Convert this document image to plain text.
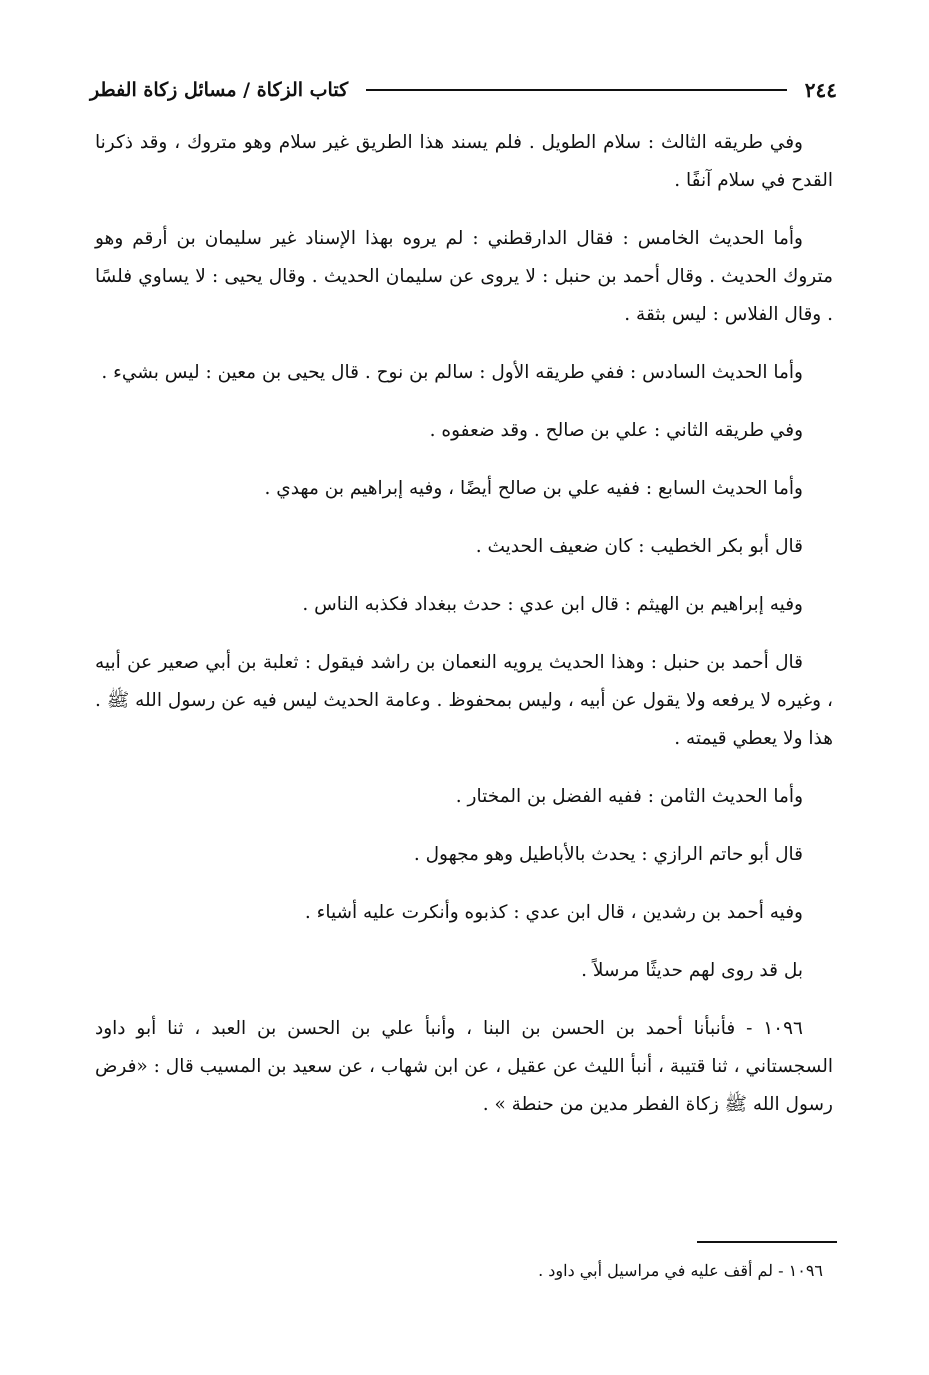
٢٤٤
كتاب الزكاة / مسائل زكاة الفطر

وفي طريقه الثالث : سلام الطويل . فلم يسند هذا الطريق غير سلام وهو متروك ، وقد ذكرنا القدح في سلام آنفًا .

وأما الحديث الخامس : فقال الدارقطني : لم يروه بهذا الإسناد غير سليمان بن أرقم وهو متروك الحديث . وقال أحمد بن حنبل : لا يروى عن سليمان الحديث . وقال يحيى : لا يساوي فلسًا . وقال الفلاس : ليس بثقة .

وأما الحديث السادس : ففي طريقه الأول : سالم بن نوح . قال يحيى بن معين : ليس بشيء .

وفي طريقه الثاني : علي بن صالح . وقد ضعفوه .

وأما الحديث السابع : ففيه علي بن صالح أيضًا ، وفيه إبراهيم بن مهدي .

قال أبو بكر الخطيب : كان ضعيف الحديث .

وفيه إبراهيم بن الهيثم : قال ابن عدي : حدث ببغداد فكذبه الناس .

قال أحمد بن حنبل : وهذا الحديث يرويه النعمان بن راشد فيقول : ثعلبة بن أبي صعير عن أبيه ، وغيره لا يرفعه ولا يقول عن أبيه ، وليس بمحفوظ . وعامة الحديث ليس فيه عن رسول الله ﷺ . هذا ولا يعطي قيمته .

وأما الحديث الثامن : ففيه الفضل بن المختار .

قال أبو حاتم الرازي : يحدث بالأباطيل وهو مجهول .

وفيه أحمد بن رشدين ، قال ابن عدي : كذبوه وأنكرت عليه أشياء .

بل قد روى لهم حديثًا مرسلاً .

١٠٩٦ - فأنبأنا أحمد بن الحسن بن البنا ، وأنبأ علي بن الحسن بن العبد ، ثنا أبو داود السجستاني ، ثنا قتيبة ، أنبأ الليث عن عقيل ، عن ابن شهاب ، عن سعيد بن المسيب قال : «فرض رسول الله ﷺ زكاة الفطر مدين من حنطة » .

١٠٩٦ - لم أقف عليه في مراسيل أبي داود .
